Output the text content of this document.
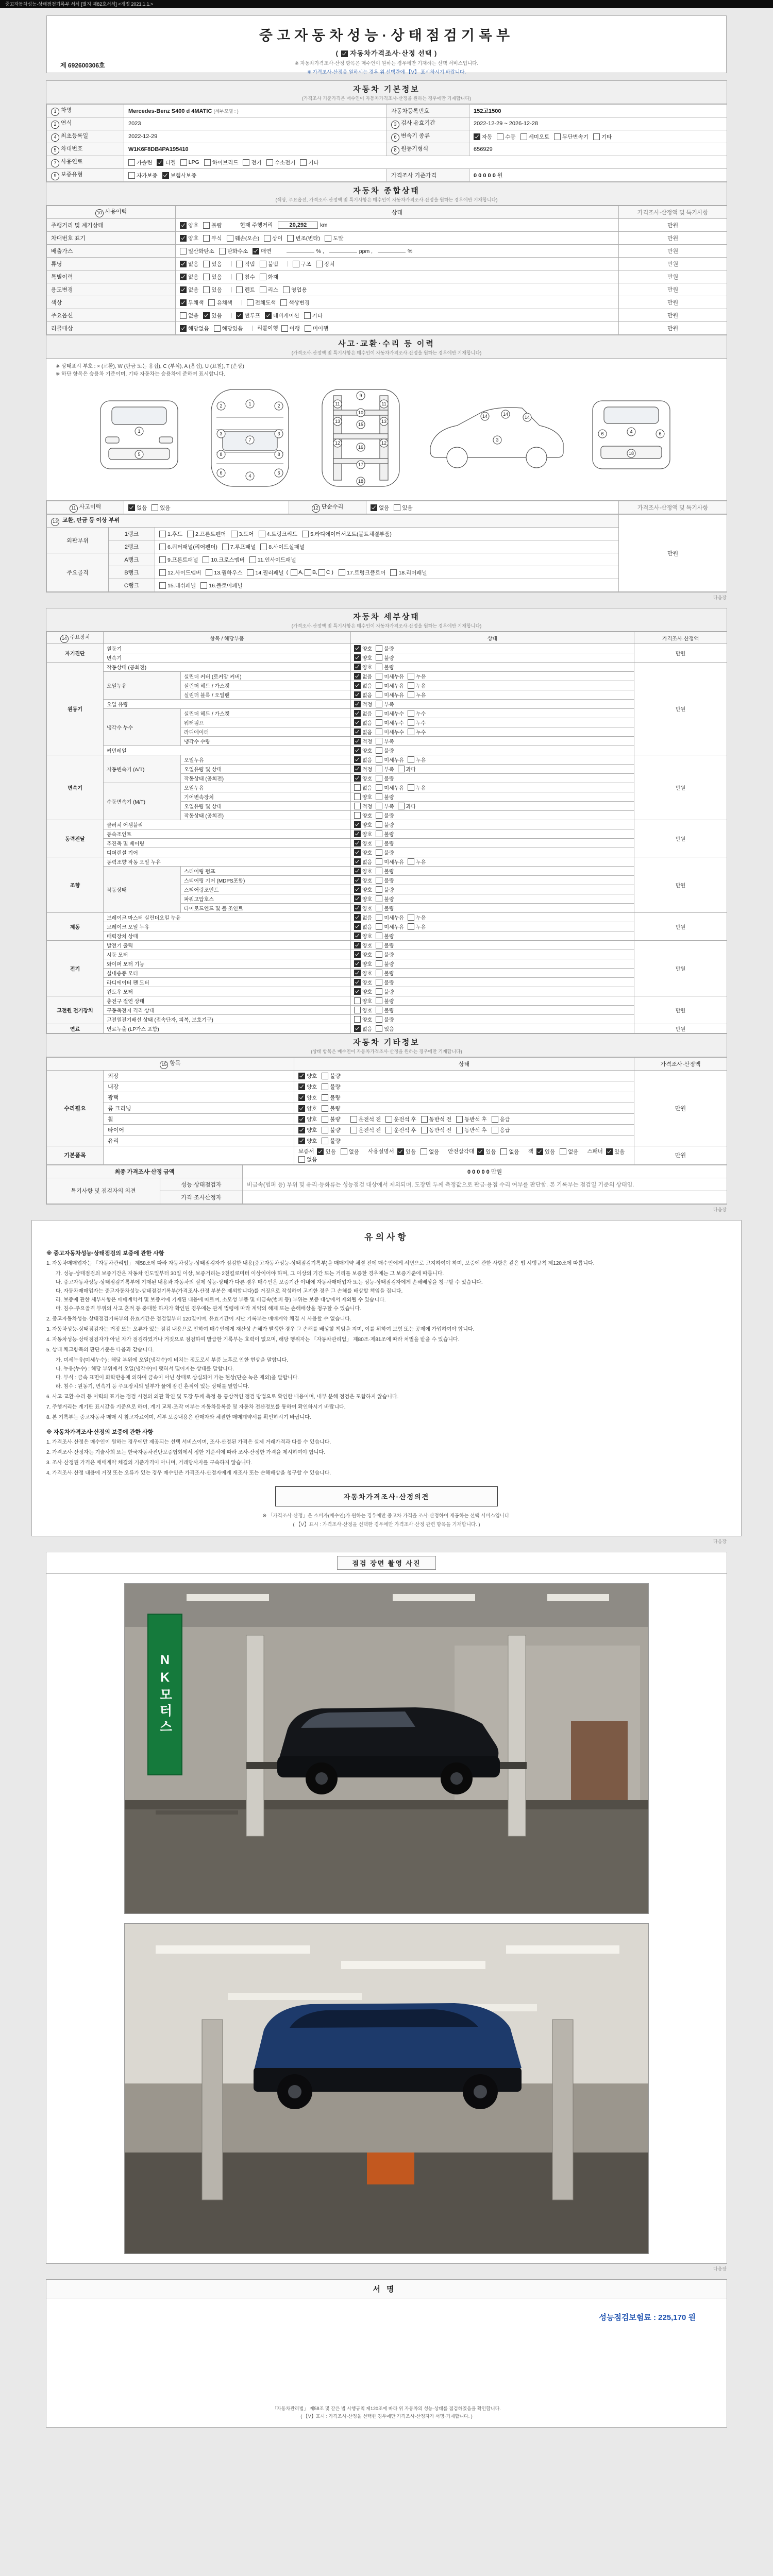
중고자동차성능·상태점검기록부 서식 [별지 제82호서식] <개정 2021.1.1.>
중고자동차성능·상태점검기록부
( 자동차가격조사·산정 선택 )
※ 자동차가격조사·산정 항목은 매수인이 원하는 경우에만 기재하는 선택 서비스입니다.
※ 가격조사·산정을 원하시는 경우 위 선택란에 【V】 표시하시기 바랍니다.
제 692600306호
자동차 기본정보
(가격조사 기준가격은 매수인이 자동차가격조사·산정을 원하는 경우에만 기재합니다)
1 차명	Mercedes-Benz S400 d 4MATIC (세부모델 : )	자동차등록번호	152고1500
2 연식	2023	3 검사 유효기간	2022-12-29 ~ 2026-12-28
4 최초등록일	2022-12-29	6 변속기 종류	자동 수동 세미오토 무단변속기 기타

5 차대번호	W1K6F8DB4PA195410	8 원동기형식	656929
7 사용연료	가솔린 디젤 LPG 하이브리드 전기 수소전기 기타

9 보증유형	자가보증 보험사보증	가격조사 기준가격	0 0 0 0 0 원
자동차 종합상태
(색상, 주요옵션, 가격조사·산정액 및 특기사항은 매수인이 자동차가격조사·산정을 원하는 경우에만 기재합니다)
10 사용이력	상태	가격조사·산정액 및 특기사항
주행거리 및 계기상태	양호 불량 현재 주행거리 20,292 km	만원
차대번호 표기	양호 부식 훼손(오손) 상이 변조(변타) 도말	만원
배출가스	일산화탄소 탄화수소 매연 % , ppm , %	만원
튜닝	없음 있음 | 적법 불법 | 구조 장치	만원
특별이력	없음 있음 | 침수 화재	만원
용도변경	없음 있음 | 렌트 리스 영업용	만원
색상	무채색 유채색 | 전체도색 색상변경	만원
주요옵션	없음 있음 | 썬루프 네비게이션 기타	만원
리콜대상	해당없음 해당있음 | 리콜이행 이행 미이행	만원
사고·교환·수리 등 이력
(가격조사·산정액 및 특기사항은 매수인이 자동차가격조사·산정을 원하는 경우에만 기재합니다)
※ 상태표시 부호 : × (교환), W (판금 또는 용접), C (부식), A (흠집), U (요철), T (손상)
※ 하단 항목은 승용차 기준이며, 기타 자동차는 승용차에 준하여 표시합니다.
1
5
1
2	2
3	3
7
8	8
6	6
4
9
10
11	11
13	13
15
12	12
16
17
18
14	14
14
3
4
18
6	6
11 사고이력	없음 있음	12 단순수리	없음 있음	가격조사·산정액 및 특기사항
13 교환, 판금 등 이상 부위			만원
외판부위	1랭크	1.후드 2.프론트펜더 3.도어 4.트렁크리드 5.라디에이터서포트(볼트체결부품)	

	2랭크	6.쿼터패널(리어펜더) 7.루프패널 8.사이드실패널	

주요골격	A랭크	9.프론트패널 10.크로스멤버 11.인사이드패널	

B랭크	12.사이드멤버 13.휠하우스 14.필러패널 ( A, B, C ) 17.트렁크플로어 18.리어패널

	C랭크	15.대쉬패널 16.플로어패널	
다음장
자동차 세부상태
(가격조사·산정액 및 특기사항은 매수인이 자동차가격조사·산정을 원하는 경우에만 기재합니다)
14 주요장치	항목 / 해당부품		상태	가격조사·산정액
자기진단	원동기		양호 불량	만원
	변속기		양호 불량	

원동기	작동상태 (공회전)		양호 불량	만원
	오일누유	실린더 커버 (로커암 커버)	없음 미세누유 누유	

		실린더 헤드 / 가스켓	없음 미세누유 누유	

		실린더 블록 / 오일팬	없음 미세누유 누유	

	오일 유량		적정 부족	

	냉각수 누수	실린더 헤드 / 가스켓	없음 미세누수 누수	

		워터펌프	없음 미세누수 누수	

		라디에이터	없음 미세누수 누수	

		냉각수 수량	적정 부족	

	커먼레일		양호 불량	

변속기	자동변속기 (A/T)	오일누유	없음 미세누유 누유	만원
		오일유량 및 상태	적정 부족 과다	

		작동상태 (공회전)	양호 불량	

	수동변속기 (M/T)	오일누유	없음 미세누유 누유	

		기어변속장치	양호 불량	

		오일유량 및 상태	적정 부족 과다	

		작동상태 (공회전)	양호 불량	

동력전달	클러치 어셈블리		양호 불량	만원
	등속조인트		양호 불량	

	추진축 및 베어링		양호 불량	

	디퍼렌셜 기어		양호 불량	

조향	동력조향 작동 오일 누유		없음 미세누유 누유	만원
	작동상태	스티어링 펌프	양호 불량	

		스티어링 기어 (MDPS포함)	양호 불량	

		스티어링조인트	양호 불량	

		파워고압호스	양호 불량	

		타이로드엔드 및 볼 조인트	양호 불량	

제동	브레이크 마스터 실린더오일 누유		없음 미세누유 누유	만원
	브레이크 오일 누유		없음 미세누유 누유	

	배력장치 상태		양호 불량	

전기	발전기 출력		양호 불량	만원
	시동 모터		양호 불량	

	와이퍼 모터 기능		양호 불량	

	실내송풍 모터		양호 불량	

	라디에이터 팬 모터		양호 불량	

	윈도우 모터		양호 불량	

고전원 전기장치	충전구 절연 상태		양호 불량	만원
	구동축전지 격리 상태		양호 불량	

	고전원전기배선 상태 (접속단자, 피복, 보호기구)		양호 불량	

연료	연료누출 (LP가스 포함)		없음 있음	만원
자동차 기타정보
(상태 항목은 매수인이 자동차가격조사·산정을 원하는 경우에만 기재합니다)
15 항목		상태	가격조사·산정액
수리필요	외장	양호 불량	만원
	내장	양호 불량	

	광택	양호 불량	

	룸 크리닝	양호 불량	

휠	양호 불량	운전석 전 운전석 후 동반석 전 동반석 후 응급

타이어	양호 불량	운전석 전 운전석 후 동반석 전 동반석 후 응급

	유리	양호 불량	

기본품목		보증서 있음 없음 사용설명서 있음 없음 안전삼각대 있음 없음 잭 있음 없음 스패너 있음
없음
	만원
최종 가격조사·산정 금액		0 0 0 0 0 만원
특기사항 및 점검자의 의견	성능·상태점검자	비금속(범퍼 등) 부위 및 유리·등화류는 성능점검 대상에서 제외되며, 도장면 두께 측정값으로 판금·용접 수리 여부를 판단함. 본 기록부는 점검일 기준의 상태임.
	가격·조사산정자	
다음장
유의사항
※ 중고자동차성능·상태점검의 보증에 관한 사항
1. 자동차매매업자는 「자동차관리법」 제58조에 따라 자동차성능·상태점검자가 점검한 내용(중고자동차성능·상태점검기록부)을 매매계약 체결 전에 매수인에게 서면으로 고지하여야 하며, 보증에 관한 사항은 같은 법 시행규칙 제120조에 따릅니다.
가. 성능·상태점검의 보증기간은 자동차 인도일부터 30일 이상, 보증거리는 2천킬로미터 이상이어야 하며, 그 이상의 기간 또는 거리를 보증한 경우에는 그 보증기준에 따릅니다.
나. 중고자동차성능·상태점검기록부에 기재된 내용과 자동차의 실제 성능·상태가 다른 경우 매수인은 보증기간 이내에 자동차매매업자 또는 성능·상태점검자에게 손해배상을 청구할 수 있습니다.
다. 자동차매매업자는 중고자동차성능·상태점검기록부(가격조사·산정 부분은 제외합니다)를 거짓으로 작성하여 고지한 경우 그 손해를 배상할 책임을 집니다.
라. 보증에 관한 세부사항은 매매계약서 및 보증서에 기재된 내용에 따르며, 소모성 부품 및 비금속(범퍼 등) 부위는 보증 대상에서 제외될 수 있습니다.
마. 침수·주요골격 부위의 사고 흔적 등 중대한 하자가 확인된 경우에는 관계 법령에 따라 계약의 해제 또는 손해배상을 청구할 수 있습니다.
2. 중고자동차성능·상태점검기록부의 유효기간은 점검일부터 120일이며, 유효기간이 지난 기록부는 매매계약 체결 시 사용할 수 없습니다.
3. 자동차성능·상태점검자는 거짓 또는 오류가 있는 점검 내용으로 인하여 매수인에게 재산상 손해가 발생한 경우 그 손해를 배상할 책임을 지며, 이를 위하여 보험 또는 공제에 가입하여야 합니다.
4. 자동차성능·상태점검자가 아닌 자가 점검하였거나 거짓으로 점검하여 발급한 기록부는 효력이 없으며, 해당 행위자는 「자동차관리법」 제80조·제81조에 따라 처벌을 받을 수 있습니다.
5. 상태 체크항목의 판단기준은 다음과 같습니다.
가. 미세누유(미세누수) : 해당 부위에 오일(냉각수)이 비치는 정도로서 부품 노후로 인한 현상을 말합니다.
나. 누유(누수) : 해당 부위에서 오일(냉각수)이 맺혀서 떨어지는 상태를 말합니다.
다. 부식 : 금속 표면이 화학반응에 의하여 금속이 아닌 상태로 상실되어 가는 현상(단순 녹은 제외)을 말합니다.
라. 침수 : 원동기, 변속기 등 주요장치의 일부가 물에 잠긴 흔적이 있는 상태를 말합니다.
6. 사고·교환·수리 등 이력의 표기는 점검 시점의 외관 확인 및 도장 두께 측정 등 통상적인 점검 방법으로 확인한 내용이며, 내부 분해 점검은 포함하지 않습니다.
7. 주행거리는 계기판 표시값을 기준으로 하며, 계기 교체·조작 여부는 자동차등록증 및 자동차 전산정보를 통하여 확인하시기 바랍니다.
8. 본 기록부는 중고자동차 매매 시 참고자료이며, 세부 보증내용은 판매자와 체결한 매매계약서를 확인하시기 바랍니다.
※ 자동차가격조사·산정의 보증에 관한 사항
1. 가격조사·산정은 매수인이 원하는 경우에만 제공되는 선택 서비스이며, 조사·산정된 가격은 실제 거래가격과 다를 수 있습니다.
2. 가격조사·산정자는 기술사회 또는 한국자동차진단보증협회에서 정한 기준서에 따라 조사·산정한 가격을 제시하여야 합니다.
3. 조사·산정된 가격은 매매계약 체결의 기준가격이 아니며, 거래당사자를 구속하지 않습니다.
4. 가격조사·산정 내용에 거짓 또는 오류가 있는 경우 매수인은 가격조사·산정자에게 재조사 또는 손해배상을 청구할 수 있습니다.
자동차가격조사·산정의견
※ 「가격조사·산정」은 소비자(매수인)가 원하는 경우에만 중고차 가격을 조사·산정하여 제공하는 선택 서비스입니다.
( 【V】표시 : 가격조사·산정을 선택한 경우에만 가격조사·산정 관련 항목을 기재합니다. )
다음장
점검 장면 촬영 사진
NK모터스
다음장
서명
성능점검보험료 : 225,170 원
「자동차관리법」 제58조 및 같은 법 시행규칙 제120조에 따라 위 자동차의 성능·상태를 점검하였음을 확인합니다.
( 【V】표시 : 가격조사·산정을 선택한 경우에만 가격조사·산정자가 서명·기재합니다. )
